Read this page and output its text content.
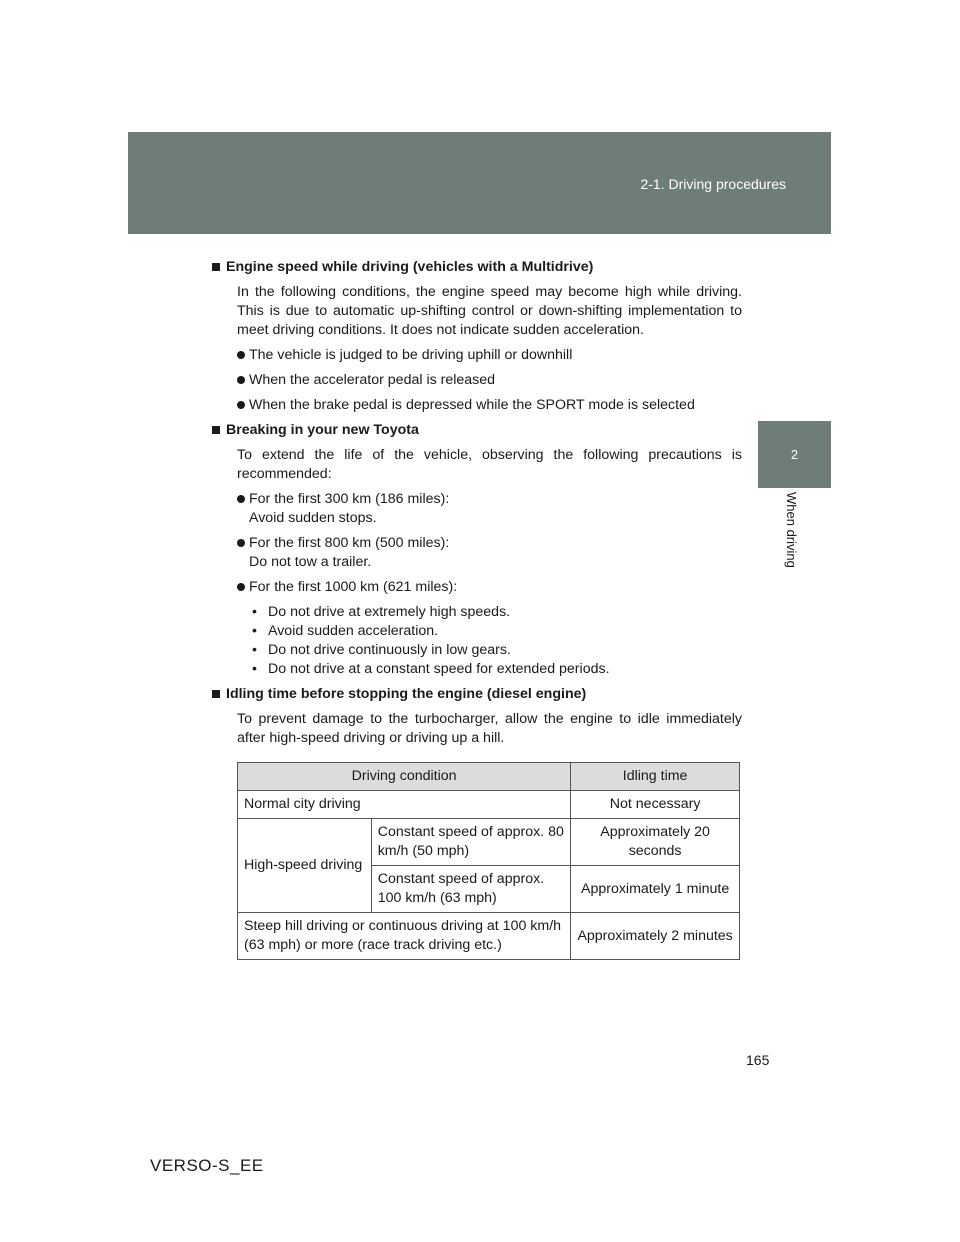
2-1. Driving procedures
2
When driving
Engine speed while driving (vehicles with a Multidrive)

In the following conditions, the engine speed may become high while driving. This is due to automatic up-shifting control or down-shifting implementation to meet driving conditions. It does not indicate sudden acceleration.

The vehicle is judged to be driving uphill or downhill
When the accelerator pedal is released
When the brake pedal is depressed while the SPORT mode is selected
Breaking in your new Toyota

To extend the life of the vehicle, observing the following precautions is recommended:

For the first 300 km (186 miles):
Avoid sudden stops.
For the first 800 km (500 miles):
Do not tow a trailer.
For the first 1000 km (621 miles):
• Do not drive at extremely high speeds.
• Avoid sudden acceleration.
• Do not drive continuously in low gears.
• Do not drive at a constant speed for extended periods.
Idling time before stopping the engine (diesel engine)

To prevent damage to the turbocharger, allow the engine to idle immediately after high-speed driving or driving up a hill.

Driving condition		Idling time
Normal city driving		Not necessary
High-speed driving	Constant speed of approx. 80 km/h (50 mph)	Approximately 20 seconds
	Constant speed of approx. 100 km/h (63 mph)	Approximately 1 minute
Steep hill driving or continuous driving at 100 km/h (63 mph) or more (race track driving etc.)		Approximately 2 minutes
165
VERSO-S_EE
